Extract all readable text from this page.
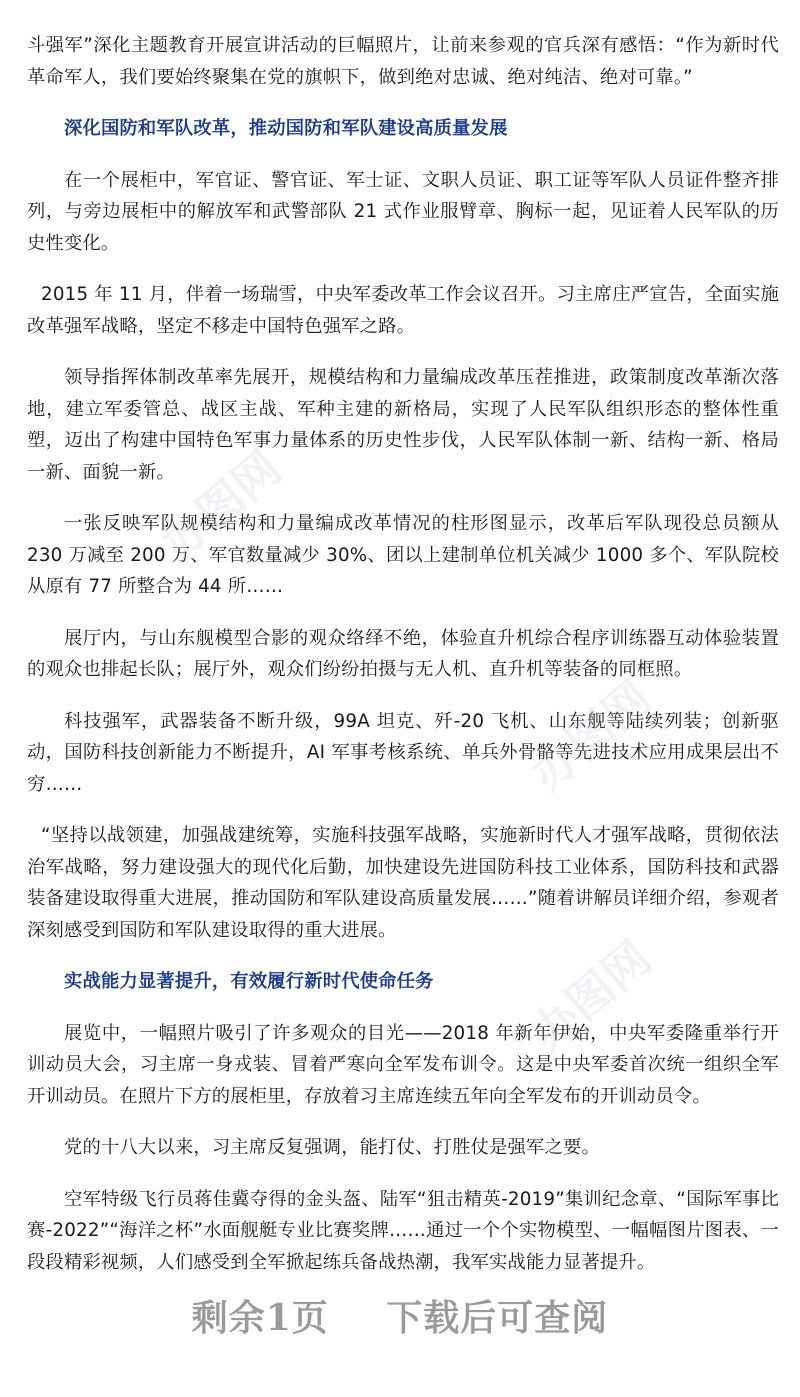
斗强军”深化主题教育开展宣讲活动的巨幅照片，让前来参观的官兵深有感悟：“作为新时代革命军人，我们要始终聚集在党的旗帜下，做到绝对忠诚、绝对纯洁、绝对可靠。”

深化国防和军队改革，推动国防和军队建设高质量发展

在一个展柜中，军官证、警官证、军士证、文职人员证、职工证等军队人员证件整齐排列，与旁边展柜中的解放军和武警部队 21 式作业服臂章、胸标一起，见证着人民军队的历史性变化。

2015 年 11 月，伴着一场瑞雪，中央军委改革工作会议召开。习主席庄严宣告，全面实施改革强军战略，坚定不移走中国特色强军之路。

领导指挥体制改革率先展开，规模结构和力量编成改革压茬推进，政策制度改革渐次落地，建立军委管总、战区主战、军种主建的新格局，实现了人民军队组织形态的整体性重塑，迈出了构建中国特色军事力量体系的历史性步伐，人民军队体制一新、结构一新、格局一新、面貌一新。

一张反映军队规模结构和力量编成改革情况的柱形图显示，改革后军队现役总员额从 230 万减至 200 万、军官数量减少 30%、团以上建制单位机关减少 1000 多个、军队院校从原有 77 所整合为 44 所……

展厅内，与山东舰模型合影的观众络绎不绝，体验直升机综合程序训练器互动体验装置的观众也排起长队；展厅外，观众们纷纷拍摄与无人机、直升机等装备的同框照。

科技强军，武器装备不断升级，99A 坦克、歼-20 飞机、山东舰等陆续列装；创新驱动，国防科技创新能力不断提升，AI 军事考核系统、单兵外骨骼等先进技术应用成果层出不穷……

“坚持以战领建，加强战建统筹，实施科技强军战略，实施新时代人才强军战略，贯彻依法治军战略，努力建设强大的现代化后勤，加快建设先进国防科技工业体系，国防科技和武器装备建设取得重大进展，推动国防和军队建设高质量发展……”随着讲解员详细介绍，参观者深刻感受到国防和军队建设取得的重大进展。

实战能力显著提升，有效履行新时代使命任务

展览中，一幅照片吸引了许多观众的目光——2018 年新年伊始，中央军委隆重举行开训动员大会，习主席一身戎装、冒着严寒向全军发布训令。这是中央军委首次统一组织全军开训动员。在照片下方的展柜里，存放着习主席连续五年向全军发布的开训动员令。

党的十八大以来，习主席反复强调，能打仗、打胜仗是强军之要。

空军特级飞行员蒋佳冀夺得的金头盔、陆军“狙击精英-2019”集训纪念章、“国际军事比赛-2022”“海洋之杯”水面舰艇专业比赛奖牌……通过一个个实物模型、一幅幅图片图表、一段段精彩视频，人们感受到全军掀起练兵备战热潮，我军实战能力显著提升。

办图网
办图网
办图网
剩余1页 下载后可查阅
